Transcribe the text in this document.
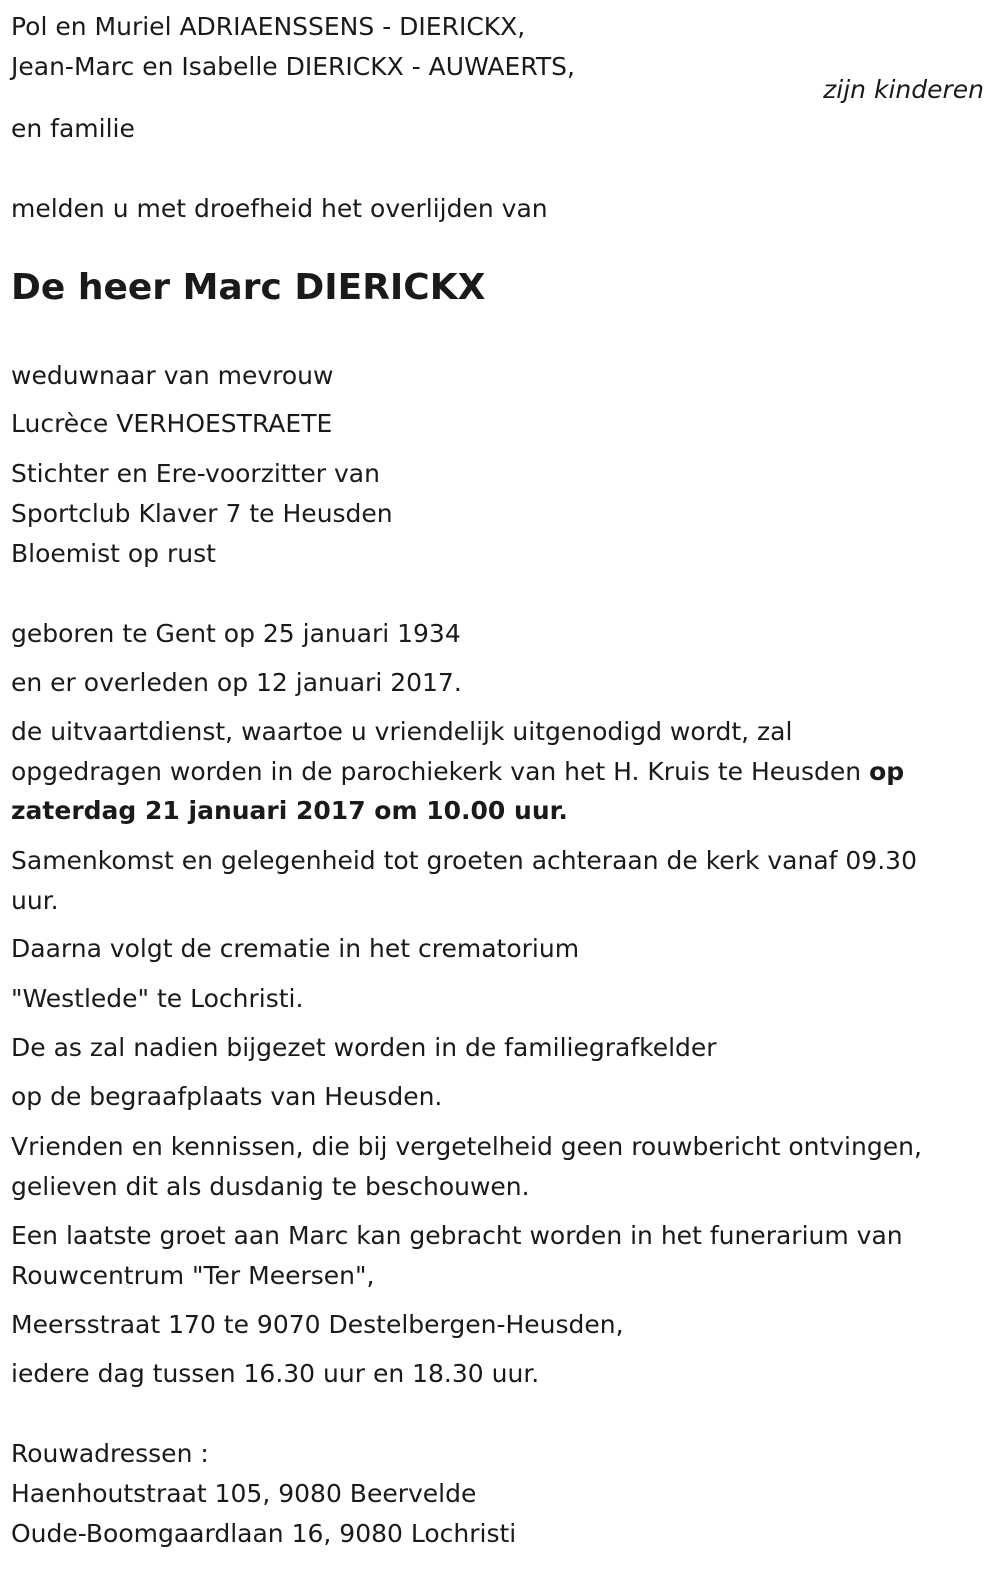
Pol en Muriel ADRIAENSSENS - DIERICKX,
Jean-Marc en Isabelle DIERICKX - AUWAERTS,
zijn kinderen
en familie
melden u met droefheid het overlijden van
De heer Marc DIERICKX
weduwnaar van mevrouw
Lucrèce VERHOESTRAETE
Stichter en Ere-voorzitter van
Sportclub Klaver 7 te Heusden
Bloemist op rust
geboren te Gent op 25 januari 1934
en er overleden op 12 januari 2017.
de uitvaartdienst, waartoe u vriendelijk uitgenodigd wordt, zal
opgedragen worden in de parochiekerk van het H. Kruis te Heusden op
zaterdag 21 januari 2017 om 10.00 uur.
Samenkomst en gelegenheid tot groeten achteraan de kerk vanaf 09.30
uur.
Daarna volgt de crematie in het crematorium
"Westlede" te Lochristi.
De as zal nadien bijgezet worden in de familiegrafkelder
op de begraafplaats van Heusden.
Vrienden en kennissen, die bij vergetelheid geen rouwbericht ontvingen,
gelieven dit als dusdanig te beschouwen.
Een laatste groet aan Marc kan gebracht worden in het funerarium van
Rouwcentrum "Ter Meersen",
Meersstraat 170 te 9070 Destelbergen-Heusden,
iedere dag tussen 16.30 uur en 18.30 uur.
Rouwadressen :
Haenhoutstraat 105, 9080 Beervelde
Oude-Boomgaardlaan 16, 9080 Lochristi
